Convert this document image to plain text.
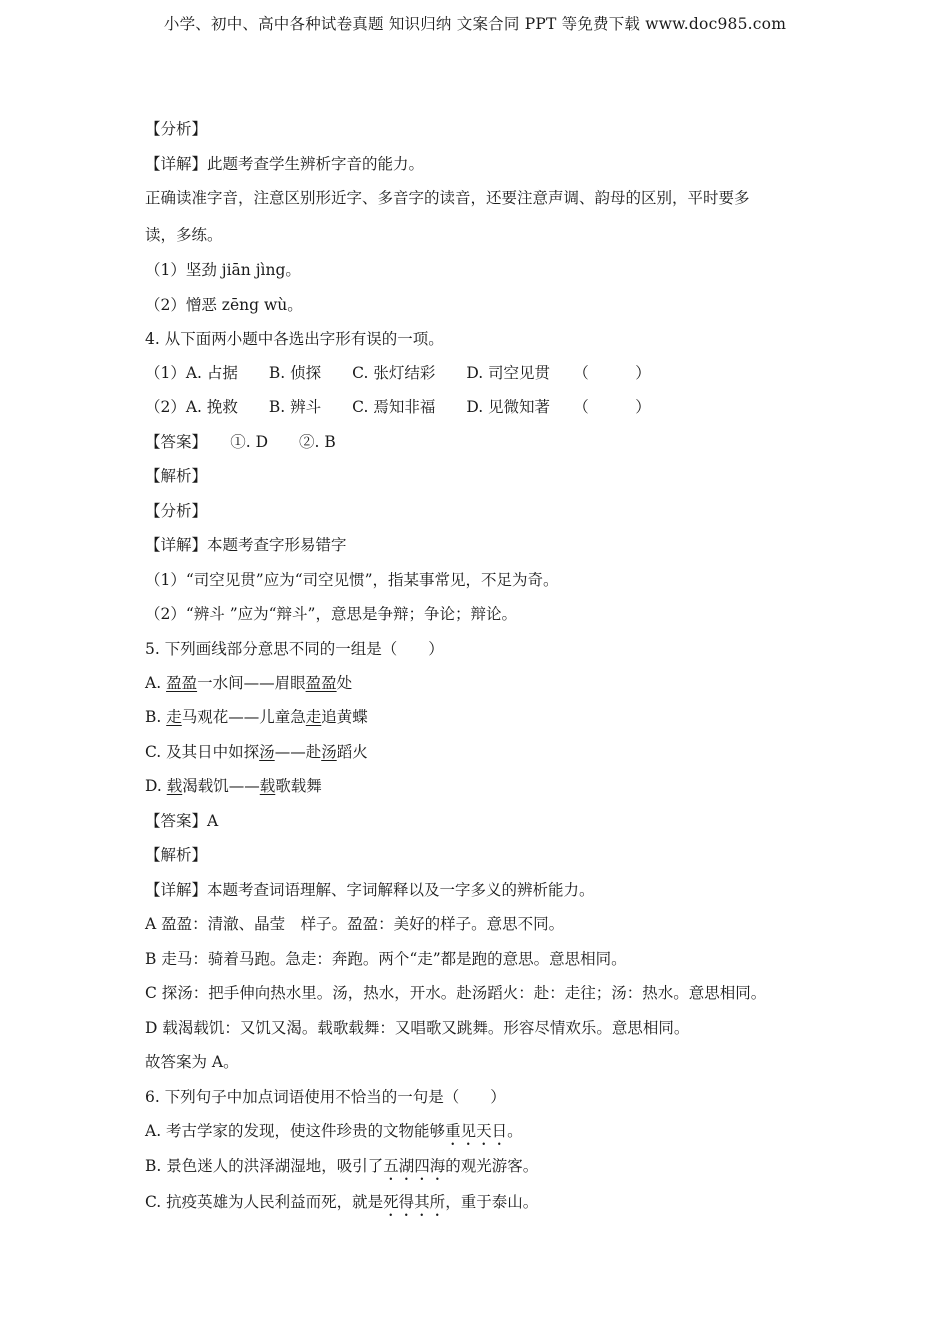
小学、初中、高中各种试卷真题 知识归纳 文案合同 PPT 等免费下载 www.doc985.com
【分析】
【详解】此题考查学生辨析字音的能力。
正确读准字音，注意区别形近字、多音字的读音，还要注意声调、韵母的区别，平时要多
读，多练。
（1）坚劲 jiān jìng。
（2）憎恶 zēng wù。
4. 从下面两小题中各选出字形有误的一项。
（1）A. 占据　　B. 侦探　　C. 张灯结彩　　D. 司空见贯　　（　　　）
（2）A. 挽救　　B. 辨斗　　C. 焉知非福　　D. 见微知著　　（　　　）
【答案】　　①. D　　②. B
【解析】
【分析】
【详解】本题考查字形易错字
（1）“司空见贯”应为“司空见惯”，指某事常见，不足为奇。
（2）“辨斗 ”应为“辩斗”，意思是争辩；争论；辩论。
5. 下列画线部分意思不同的一组是（　　）
A. 盈盈一水间——眉眼盈盈处
B. 走马观花——儿童急走追黄蝶
C. 及其日中如探汤——赴汤蹈火
D. 载渴载饥——载歌载舞
【答案】A
【解析】
【详解】本题考查词语理解、字词解释以及一字多义的辨析能力。
A 盈盈：清澈、晶莹　样子。盈盈：美好的样子。意思不同。
B 走马：骑着马跑。急走：奔跑。两个“走”都是跑的意思。意思相同。
C 探汤：把手伸向热水里。汤，热水，开水。赴汤蹈火：赴：走往；汤：热水。意思相同。
D 载渴载饥：又饥又渴。载歌载舞：又唱歌又跳舞。形容尽情欢乐。意思相同。
故答案为 A。
6. 下列句子中加点词语使用不恰当的一句是（　　）
A. 考古学家的发现，使这件珍贵的文物能够重见天日。
B. 景色迷人的洪泽湖湿地，吸引了五湖四海的观光游客。
C. 抗疫英雄为人民利益而死，就是死得其所，重于泰山。
